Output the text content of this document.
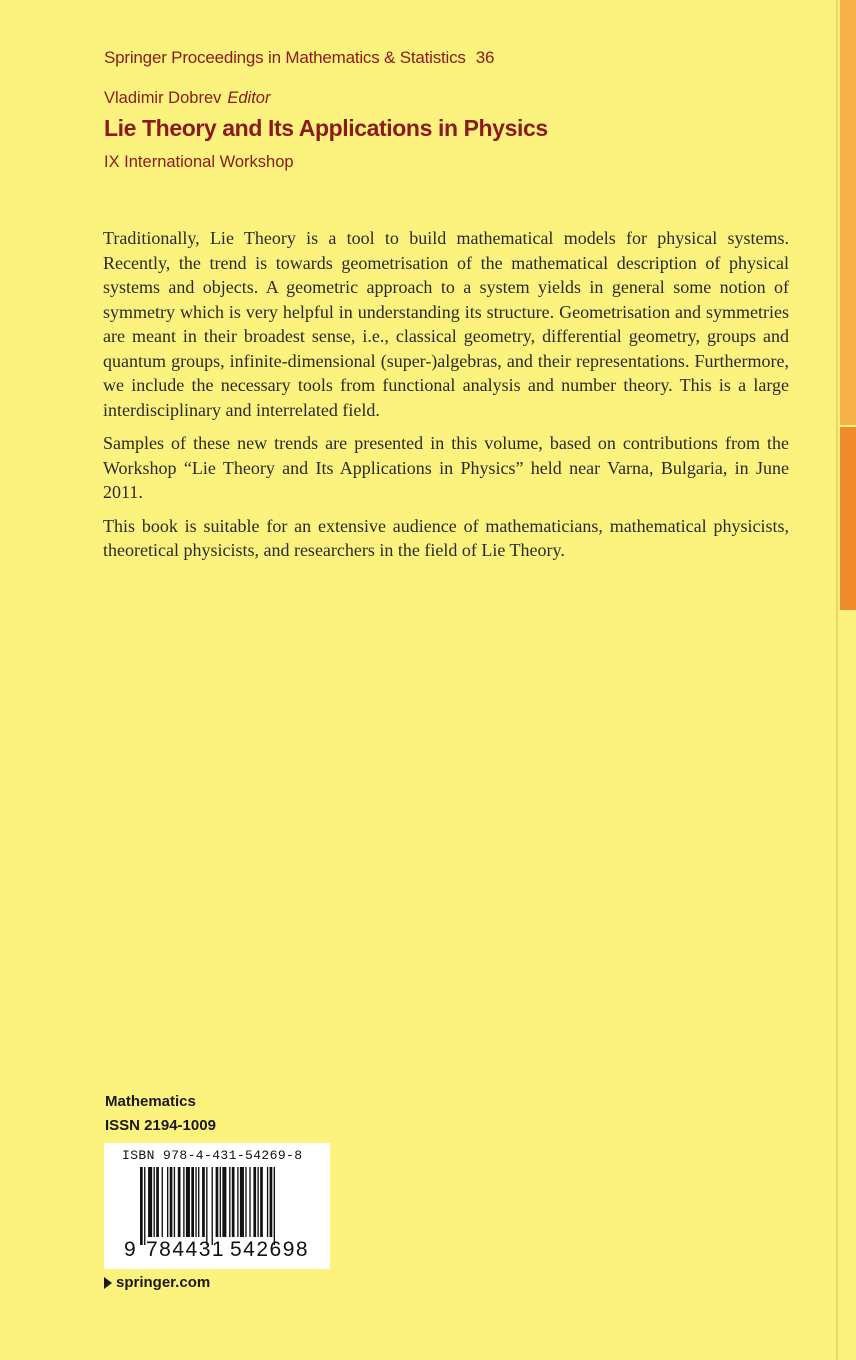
Springer Proceedings in Mathematics & Statistics 36
Vladimir Dobrev Editor
Lie Theory and Its Applications in Physics
IX International Workshop

Traditionally, Lie Theory is a tool to build mathematical models for physical systems. Recently, the trend is towards geometrisation of the mathematical description of physical systems and objects. A geometric approach to a system yields in general some notion of symmetry which is very helpful in understanding its structure. Geometrisation and symmetries are meant in their broadest sense, i.e., classical geometry, differential geometry, groups and quantum groups, infinite-dimensional (super-)algebras, and their representations. Furthermore, we include the necessary tools from functional analysis and number theory. This is a large interdisciplinary and interrelated field.

Samples of these new trends are presented in this volume, based on contributions from the Workshop “Lie Theory and Its Applications in Physics” held near Varna, Bulgaria, in June 2011.

This book is suitable for an extensive audience of mathematicians, mathematical physicists, theoretical physicists, and researchers in the field of Lie Theory.

Mathematics
ISSN 2194-1009
ISBN 978-4-431-54269-8
9 784431 542698
springer.com
